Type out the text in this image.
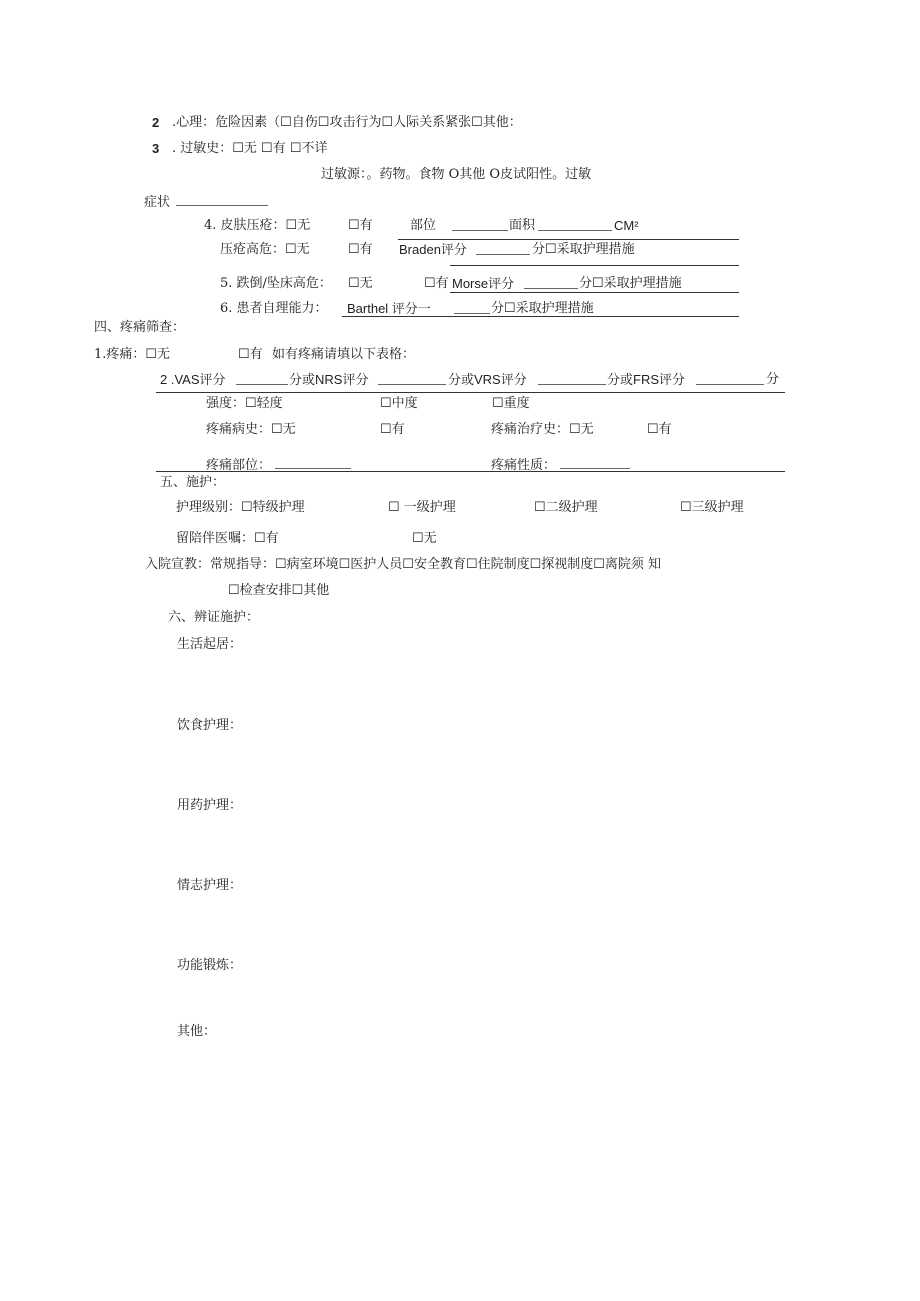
2 .心理：危险因素（☐自伤☐攻击行为☐人际关系紧张☐其他：
3 . 过敏史：☐无 ☐有 ☐不详
过敏源：。药物。食物 O其他 O皮试阳性。过敏
症状
4. 皮肤压疮：☐无	☐有	部位	面积	CM²
压疮高危：☐无	☐有 Braden评分	分☐采取护理措施
5. 跌倒/坠床高危： ☐无	☐有 Morse评分	分☐采取护理措施
6. 患者自理能力： Barthel 评分一	分☐采取护理措施
四、疼痛筛查：
1.疼痛：☐无	☐有 如有疼痛请填以下表格：
2 .VAS评分	分或NRS评分	分或VRS评分	分或FRS评分	分
强度：☐轻度	☐中度	☐重度
疼痛病史：☐无	☐有	疼痛治疗史：☐无	☐有
疼痛部位：	疼痛性质：
五、施护：
护理级别：☐特级护理	☐ 一级护理	☐二级护理	☐三级护理
留陪伴医嘱：☐有	☐无
入院宣教：常规指导：☐病室环境☐医护人员☐安全教育☐住院制度☐探视制度☐离院须 知
☐检查安排☐其他
六、辨证施护：
生活起居：
饮食护理：
用药护理：
情志护理：
功能锻炼：
其他：
